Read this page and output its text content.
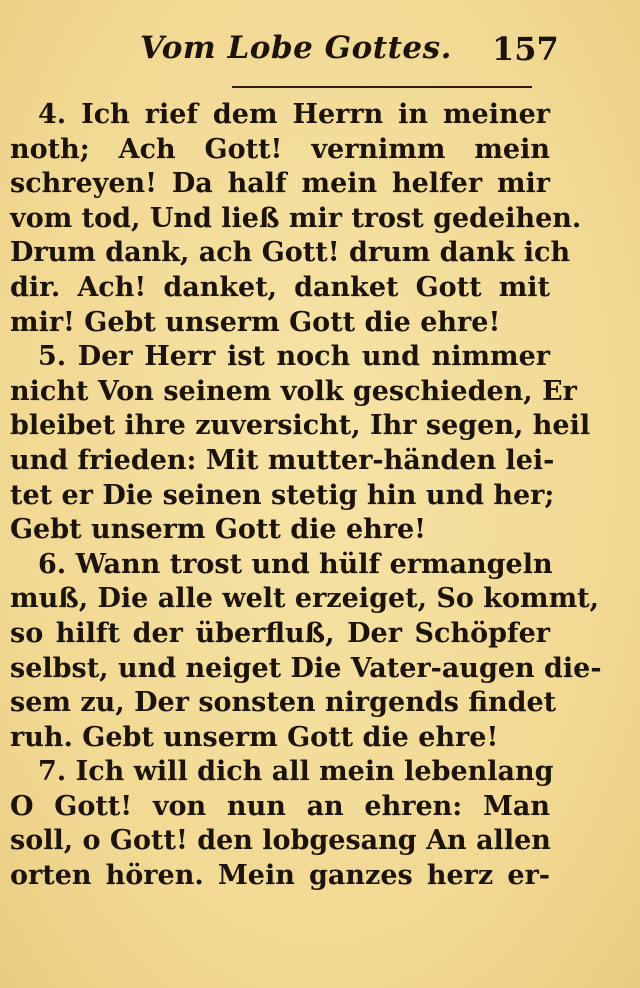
Vom Lobe Gottes. 157
4. Ich rief dem Herrn in meiner
noth; Ach Gott! vernimm mein
schreyen! Da half mein helfer mir
vom tod, Und ließ mir trost gedeihen.
Drum dank, ach Gott! drum dank ich
dir. Ach! danket, danket Gott mit
mir! Gebt unserm Gott die ehre!
5. Der Herr ist noch und nimmer
nicht Von seinem volk geschieden, Er
bleibet ihre zuversicht, Ihr segen, heil
und frieden: Mit mutter-händen lei-
tet er Die seinen stetig hin und her;
Gebt unserm Gott die ehre!
6. Wann trost und hülf ermangeln
muß, Die alle welt erzeiget, So kommt,
so hilft der überfluß, Der Schöpfer
selbst, und neiget Die Vater-augen die-
sem zu, Der sonsten nirgends findet
ruh. Gebt unserm Gott die ehre!
7. Ich will dich all mein lebenlang
O Gott! von nun an ehren: Man
soll, o Gott! den lobgesang An allen
orten hören. Mein ganzes herz er-
